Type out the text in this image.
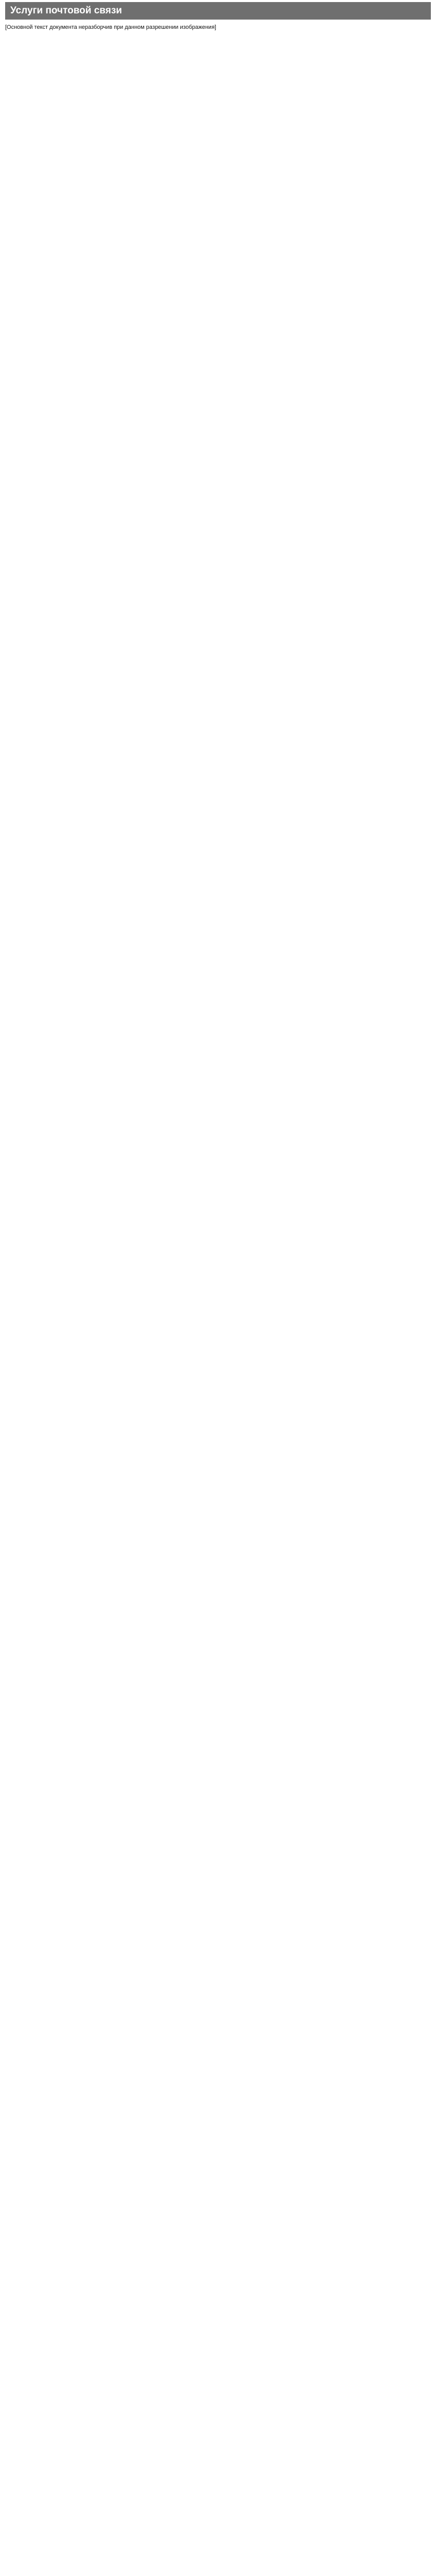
Услуги почтовой связи

[Основной текст документа неразборчив при данном разрешении изображения]
